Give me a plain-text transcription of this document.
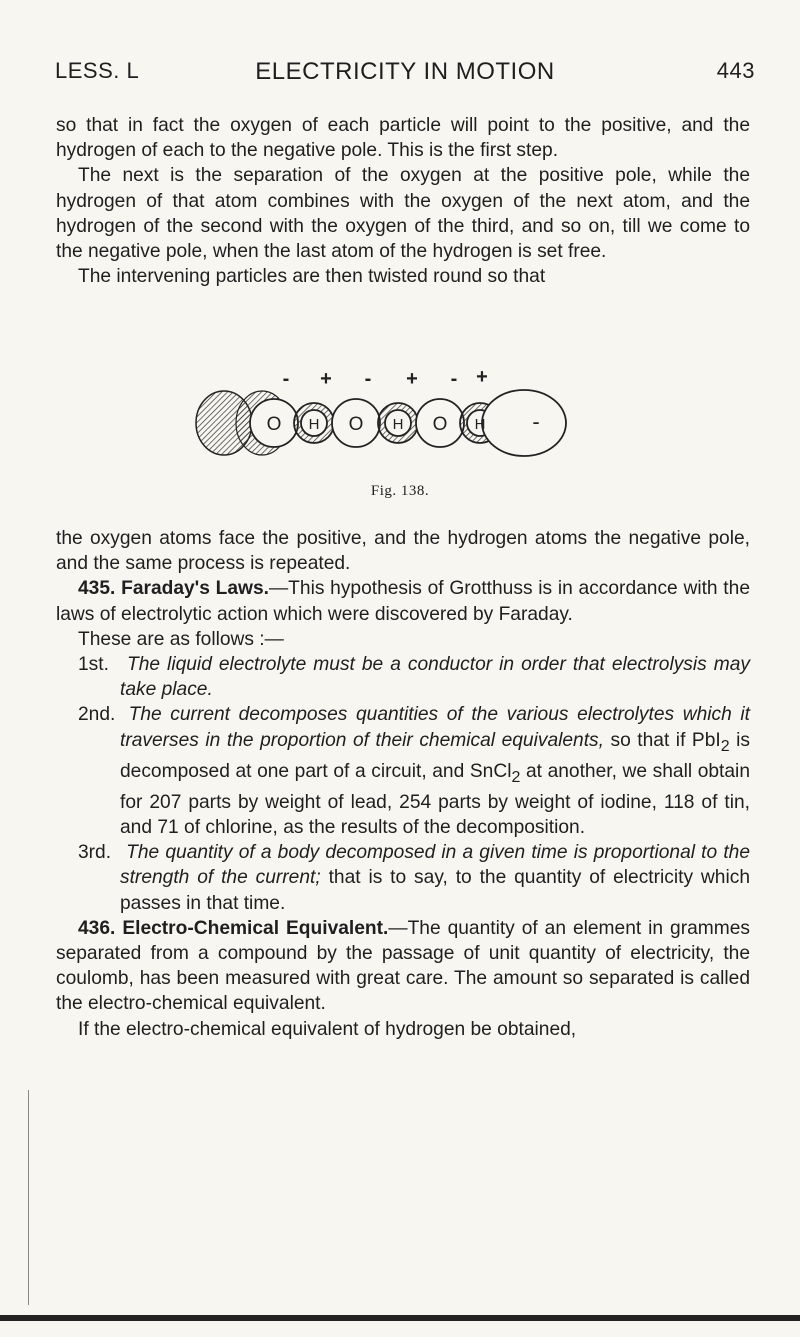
LESS. L	ELECTRICITY IN MOTION	443

so that in fact the oxygen of each particle will point to the positive, and the hydrogen of each to the negative pole. This is the first step.

The next is the separation of the oxygen at the positive pole, while the hydrogen of that atom combines with the oxygen of the next atom, and the hydrogen of the second with the oxygen of the third, and so on, till we come to the negative pole, when the last atom of the hydrogen is set free.

The intervening particles are then twisted round so that

- + - + - +
O H O H O H -
Fig. 138.

the oxygen atoms face the positive, and the hydrogen atoms the negative pole, and the same process is repeated.

435. Faraday's Laws.—This hypothesis of Grotthuss is in accordance with the laws of electrolytic action which were discovered by Faraday.

These are as follows :—

1st. The liquid electrolyte must be a conductor in order that electrolysis may take place.

2nd. The current decomposes quantities of the various electrolytes which it traverses in the proportion of their chemical equivalents, so that if PbI$_2$ is decomposed at one part of a circuit, and SnCl$_2$ at another, we shall obtain for 207 parts by weight of lead, 254 parts by weight of iodine, 118 of tin, and 71 of chlorine, as the results of the decomposition.

3rd. The quantity of a body decomposed in a given time is proportional to the strength of the current; that is to say, to the quantity of electricity which passes in that time.

436. Electro-Chemical Equivalent.—The quantity of an element in grammes separated from a compound by the passage of unit quantity of electricity, the coulomb, has been measured with great care. The amount so separated is called the electro-chemical equivalent.

If the electro-chemical equivalent of hydrogen be obtained,
